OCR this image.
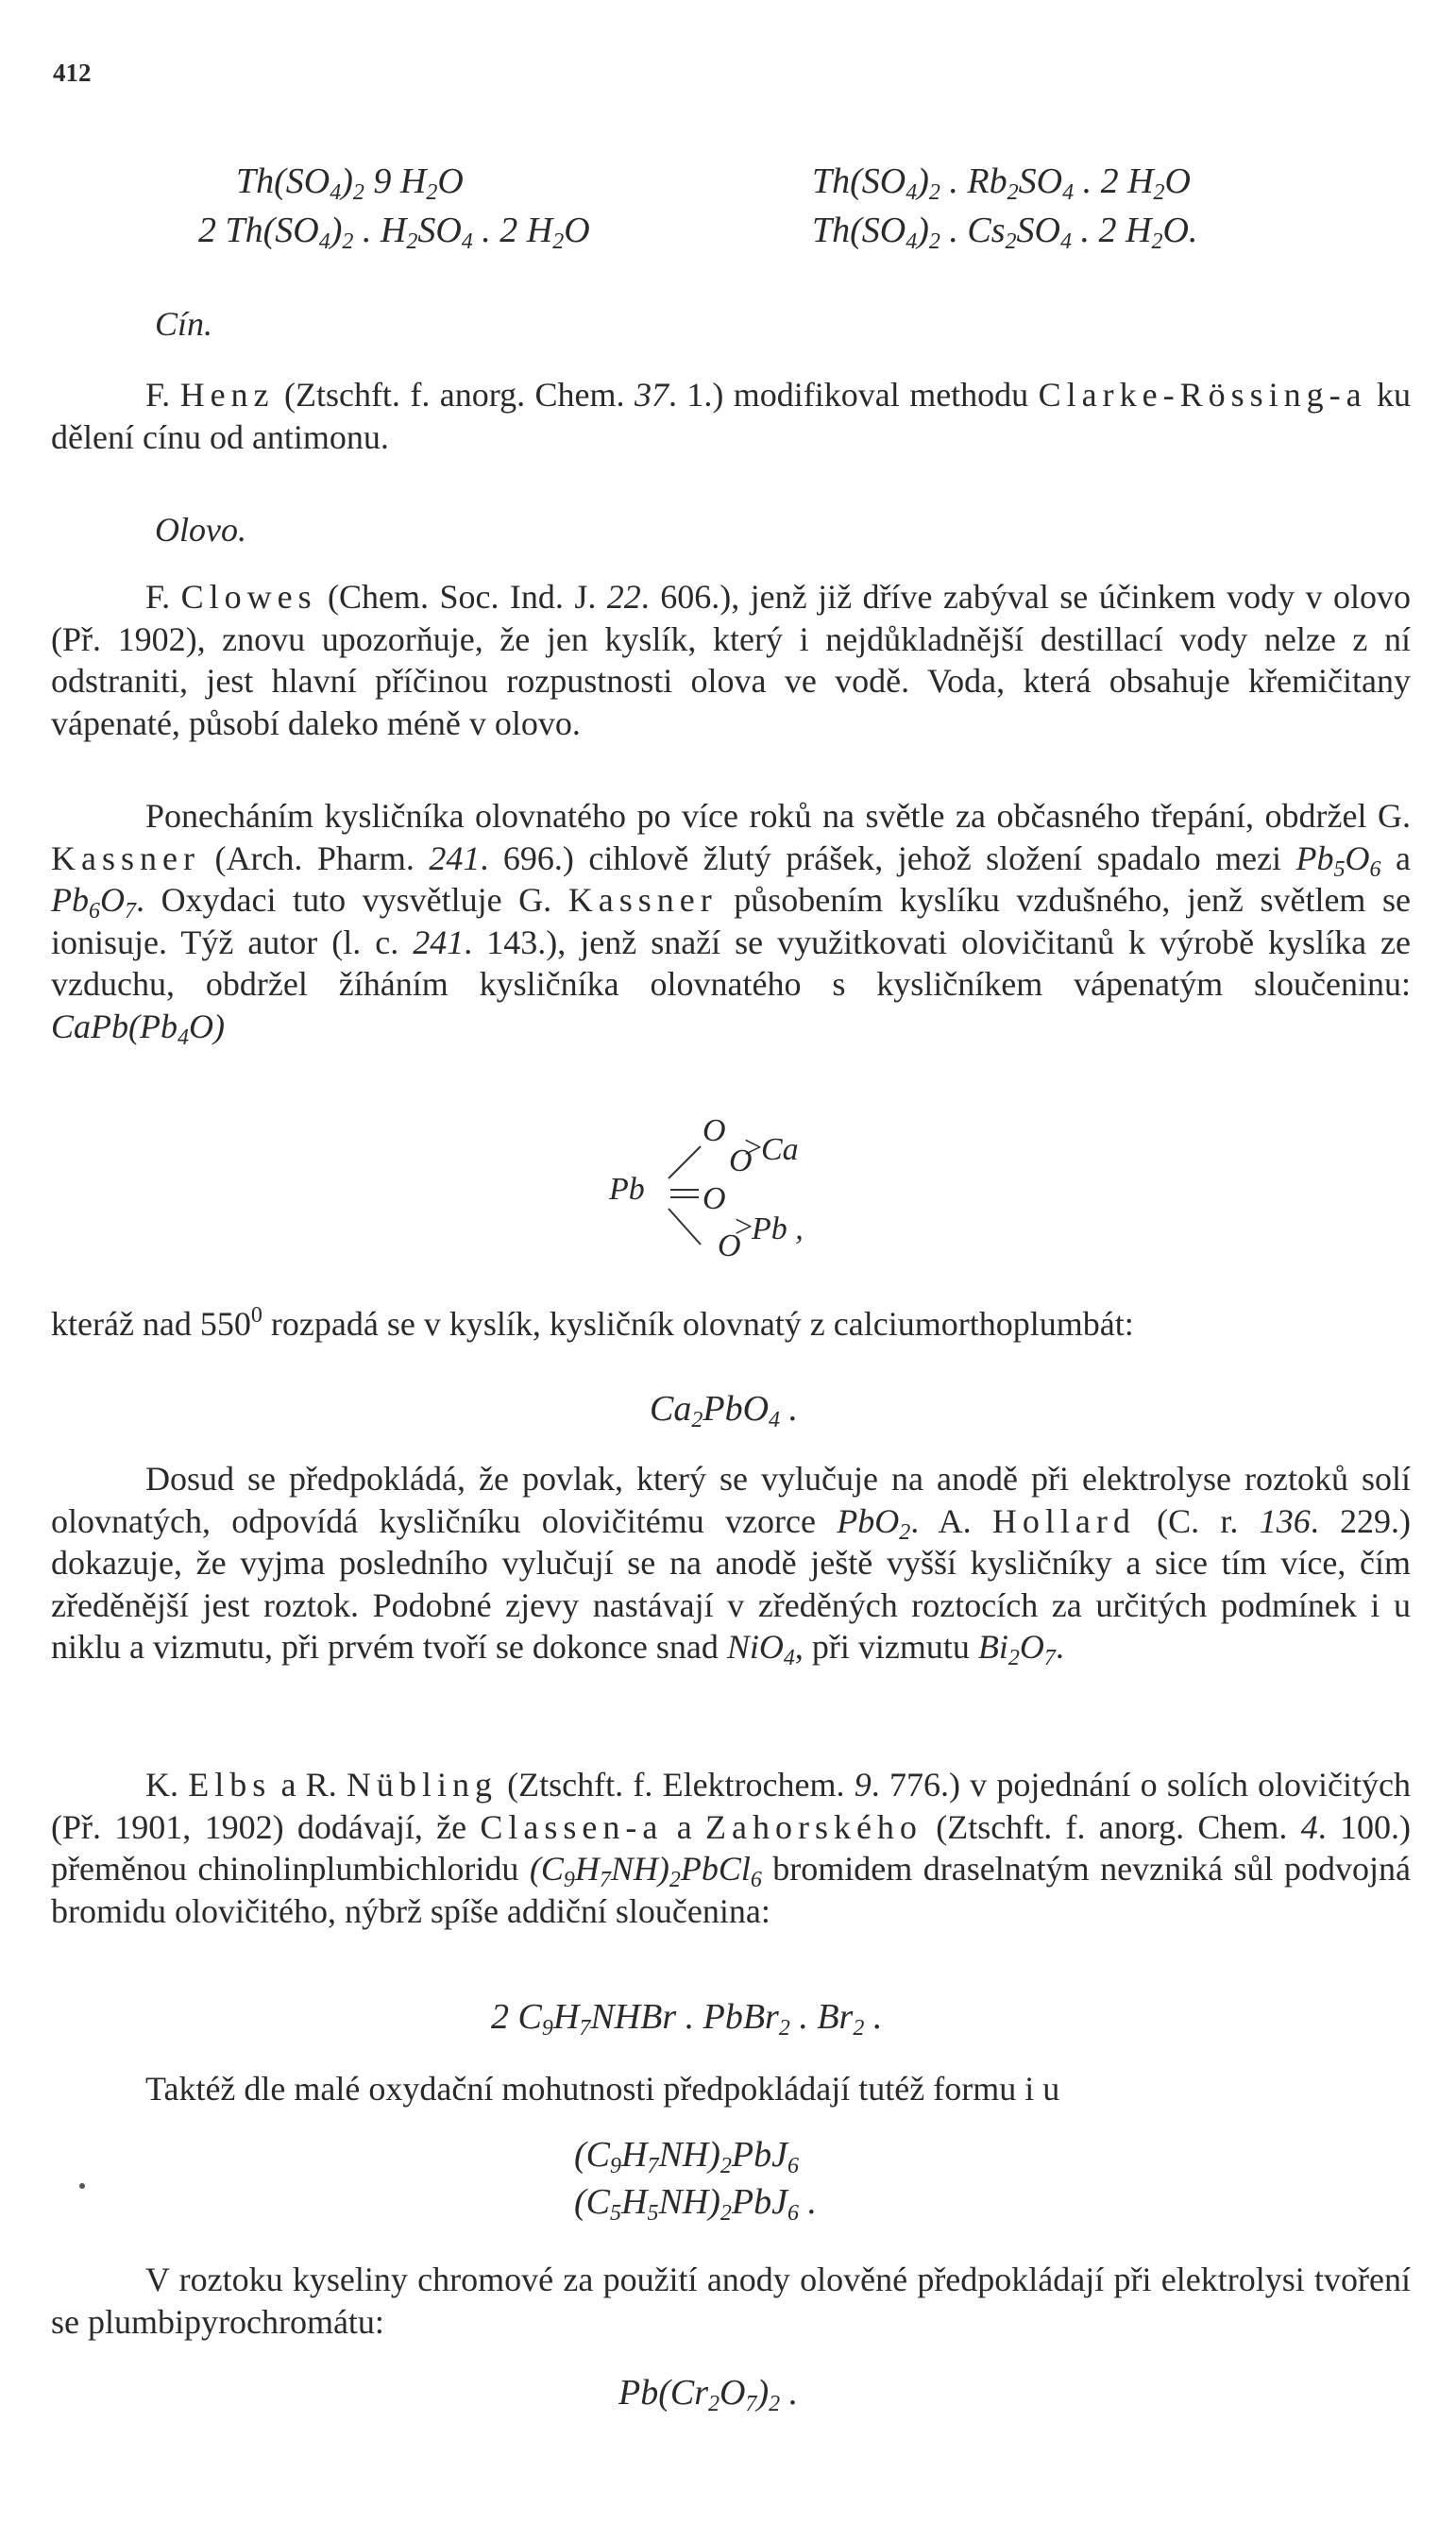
412
$Th(SO_4)_2$ 9 $H_2O$
2 $Th(SO_4)_2$ . $H_2SO_4$ . 2 $H_2O$
$Th(SO_4)_2$ . $Rb_2SO_4$ . 2 $H_2O$
$Th(SO_4)_2$ . $Cs_2SO_4$ . 2 $H_2O$.
Cín.
F. Henz (Ztschft. f. anorg. Chem. 37. 1.) modifikoval methodu Clarke-Rössing-a ku dělení cínu od antimonu.
Olovo.
F. Clowes (Chem. Soc. Ind. J. 22. 606.), jenž již dříve zabýval se účinkem vody v olovo (Př. 1902), znovu upozorňuje, že jen kyslík, který i nejdůkladnější destillací vody nelze z ní odstraniti, jest hlavní příčinou rozpustnosti olova ve vodě. Voda, která obsahuje křemičitany vápenaté, působí daleko méně v olovo.
Ponecháním kysličníka olovnatého po více roků na světle za občasného třepání, obdržel G. Kassner (Arch. Pharm. 241. 696.) cihlově žlutý prášek, jehož složení spadalo mezi $Pb_5O_6$ a $Pb_6O_7$. Oxydaci tuto vysvětluje G. Kassner působením kyslíku vzdušného, jenž světlem se ionisuje. Týž autor (l. c. 241. 143.), jenž snaží se využitkovati olovičitanů k výrobě kyslíka ze vzduchu, obdržel žíháním kysličníka olovnatého s kysličníkem vápenatým sloučeninu: $CaPb(Pb_4O)$
Pb
O
O
>
Ca
O
O
>
Pb ,
kteráž nad $550^0$ rozpadá se v kyslík, kysličník olovnatý z calciumorthoplumbát:
$Ca_2PbO_4$ .
Dosud se předpokládá, že povlak, který se vylučuje na anodě při elektrolyse roztoků solí olovnatých, odpovídá kysličníku olovičitému vzorce PbO$_2$. A. Hollard (C. r. 136. 229.) dokazuje, že vyjma posledního vylučují se na anodě ještě vyšší kysličníky a sice tím více, čím zředěnější jest roztok. Podobné zjevy nastávají v zředěných roztocích za určitých podmínek i u niklu a vizmutu, při prvém tvoří se dokonce snad NiO$_4$, při vizmutu $Bi_2O_7$.
K. Elbs a R. Nübling (Ztschft. f. Elektrochem. 9. 776.) v pojednání o solích olovičitých (Př. 1901, 1902) dodávají, že Classen-a a Zahorského (Ztschft. f. anorg. Chem. 4. 100.) přeměnou chinolinplumbichloridu $(C_9H_7NH)_2PbCl_6$ bromidem draselnatým nevzniká sůl podvojná bromidu olovičitého, nýbrž spíše addiční sloučenina:
2 $C_9H_7NHBr$ . PbBr$_2$ . $Br_2$ .
Taktéž dle malé oxydační mohutnosti předpokládají tutéž formu i u
$(C_9H_7NH)_2PbJ_6$
$(C_5H_5NH)_2PbJ_6$ .
V roztoku kyseliny chromové za použití anody olověné předpokládají při elektrolysi tvoření se plumbipyrochromátu:
$Pb(Cr_2O_7)_2$ .
